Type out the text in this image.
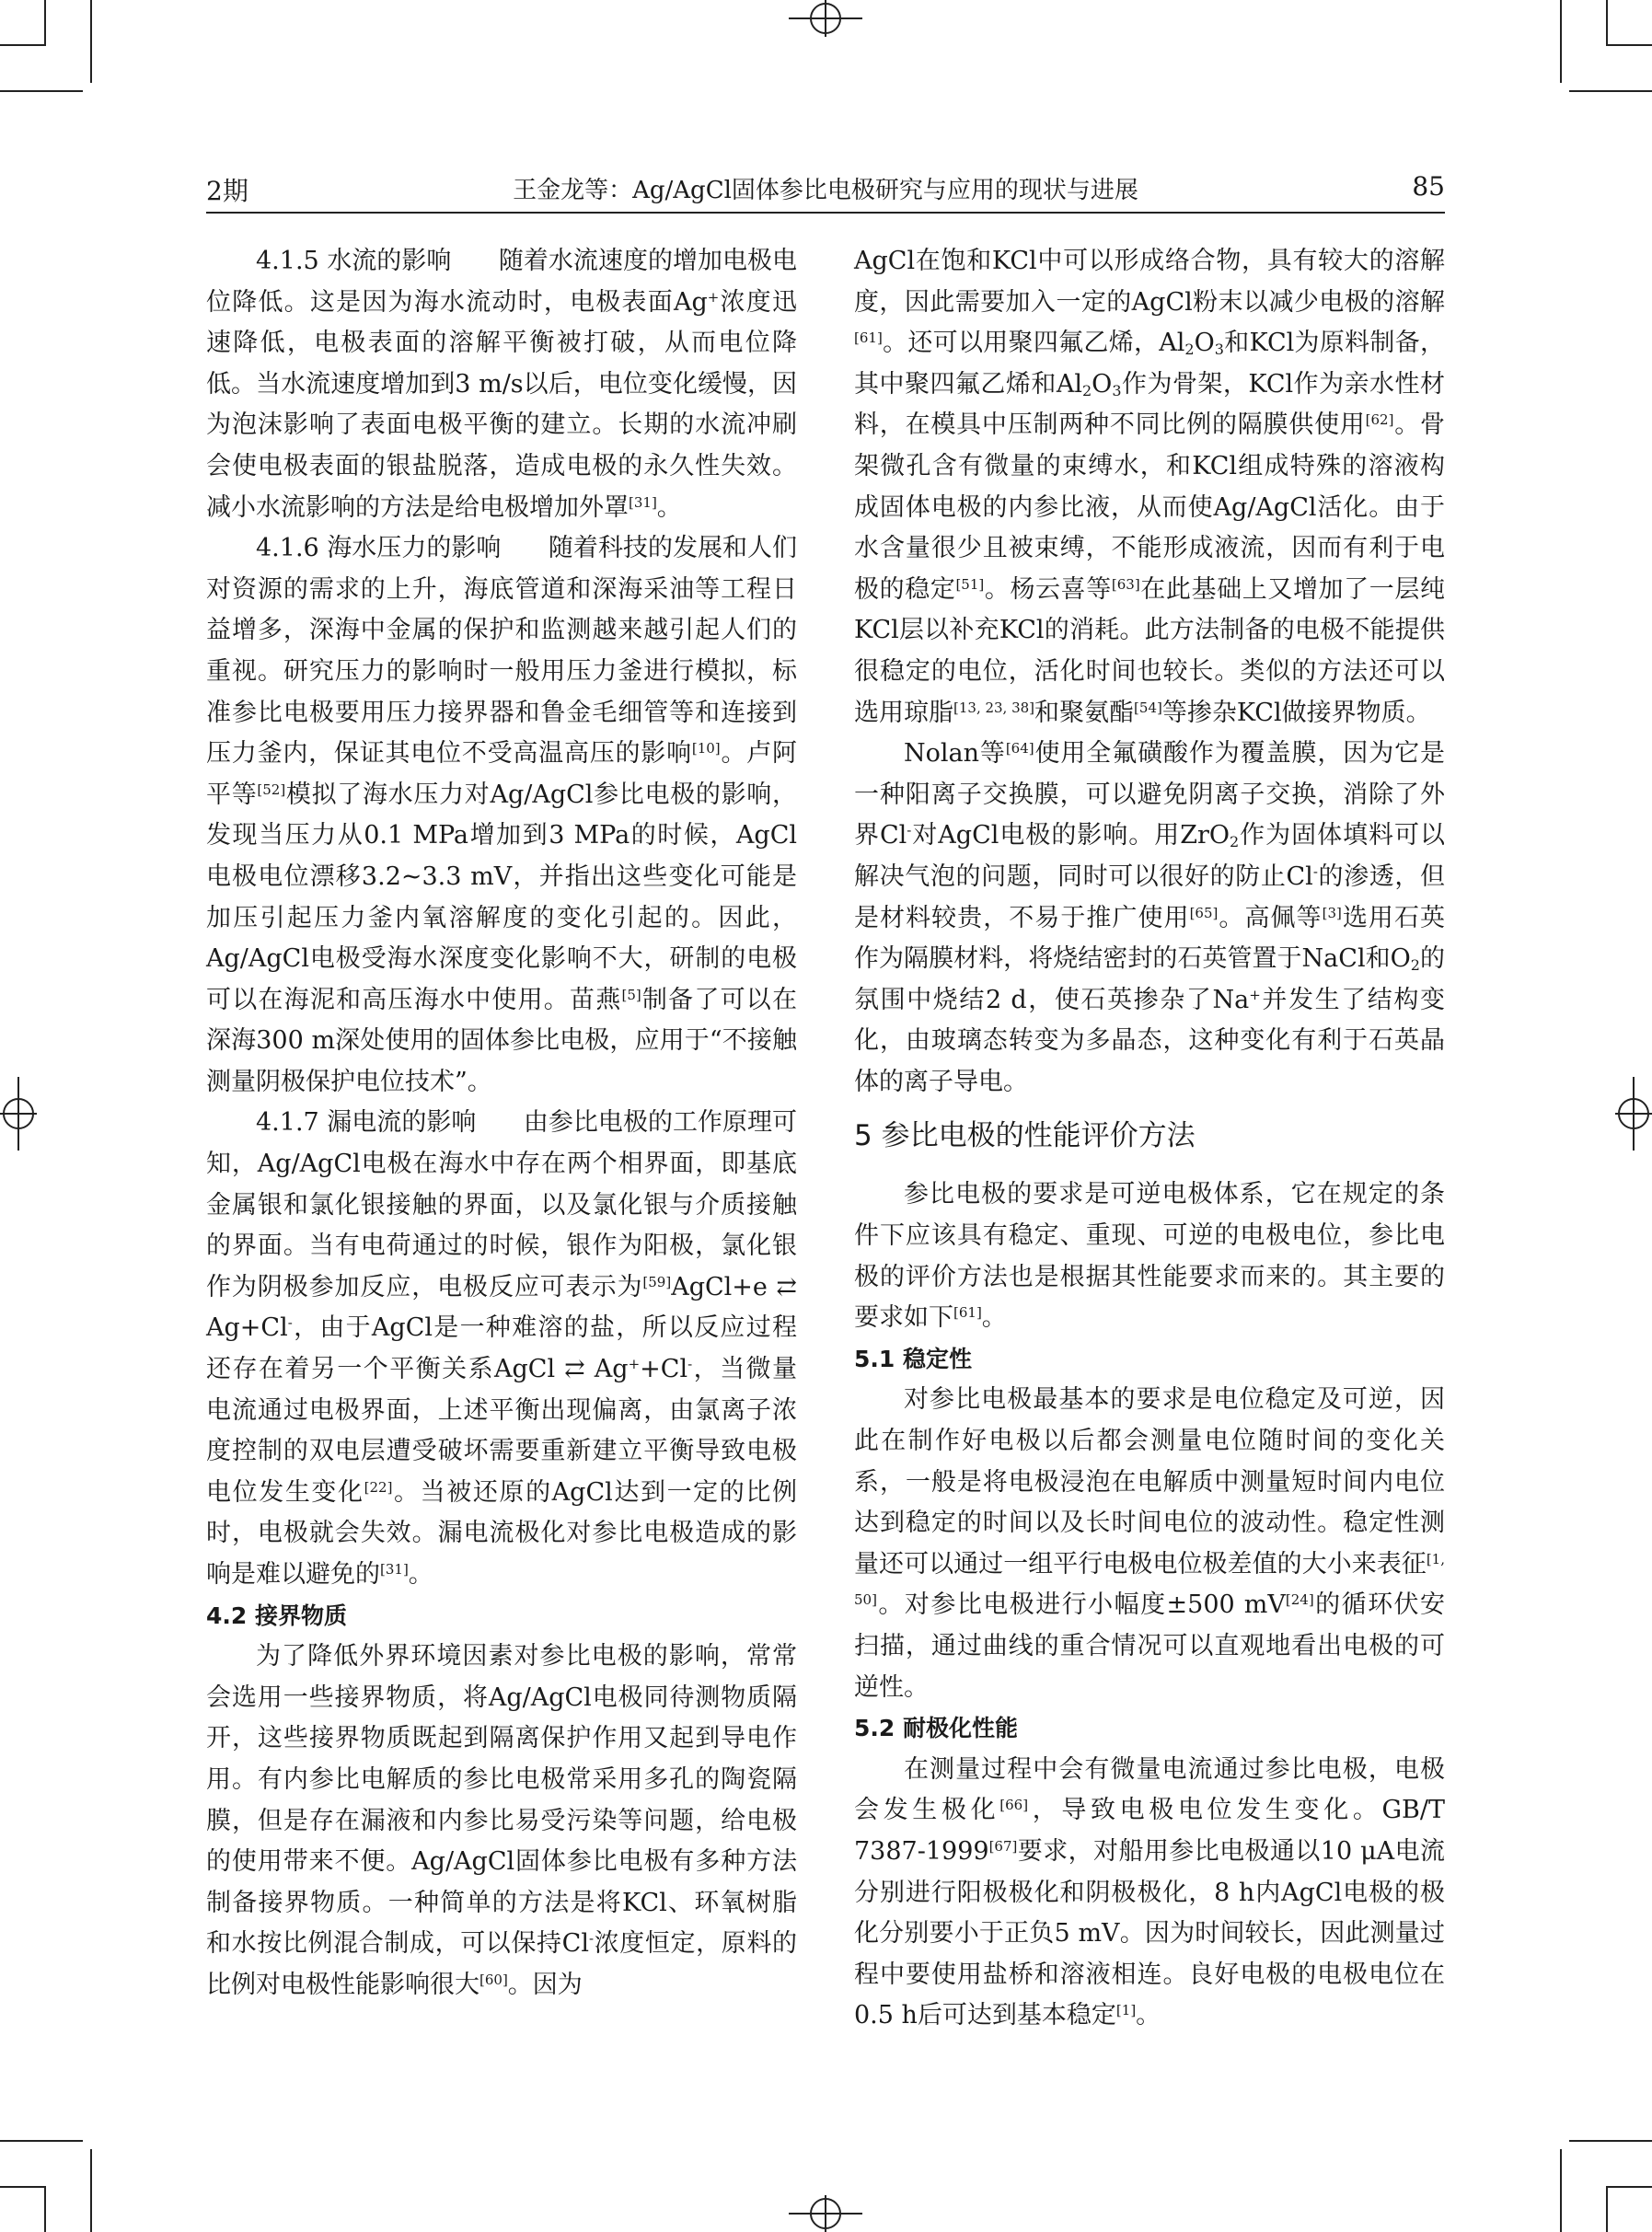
2期	王金龙等：Ag/AgCl固体参比电极研究与应用的现状与进展	85

4.1.5 水流的影响 随着水流速度的增加电极电位降低。这是因为海水流动时，电极表面Ag+浓度迅速降低，电极表面的溶解平衡被打破，从而电位降低。当水流速度增加到3 m/s以后，电位变化缓慢，因为泡沫影响了表面电极平衡的建立。长期的水流冲刷会使电极表面的银盐脱落，造成电极的永久性失效。减小水流影响的方法是给电极增加外罩[31]。

4.1.6 海水压力的影响 随着科技的发展和人们对资源的需求的上升，海底管道和深海采油等工程日益增多，深海中金属的保护和监测越来越引起人们的重视。研究压力的影响时一般用压力釜进行模拟，标准参比电极要用压力接界器和鲁金毛细管等和连接到压力釜内，保证其电位不受高温高压的影响[10]。卢阿平等[52]模拟了海水压力对Ag/AgCl参比电极的影响，发现当压力从0.1 MPa增加到3 MPa的时候，AgCl电极电位漂移3.2~3.3 mV，并指出这些变化可能是加压引起压力釜内氧溶解度的变化引起的。因此，Ag/AgCl电极受海水深度变化影响不大，研制的电极可以在海泥和高压海水中使用。苗燕[5]制备了可以在深海300 m深处使用的固体参比电极，应用于“不接触测量阴极保护电位技术”。

4.1.7 漏电流的影响 由参比电极的工作原理可知，Ag/AgCl电极在海水中存在两个相界面，即基底金属银和氯化银接触的界面，以及氯化银与介质接触的界面。当有电荷通过的时候，银作为阳极，氯化银作为阴极参加反应，电极反应可表示为[59]AgCl+e ⇄ Ag+Cl-，由于AgCl是一种难溶的盐，所以反应过程还存在着另一个平衡关系AgCl ⇄ Ag++Cl-，当微量电流通过电极界面，上述平衡出现偏离，由氯离子浓度控制的双电层遭受破坏需要重新建立平衡导致电极电位发生变化[22]。当被还原的AgCl达到一定的比例时，电极就会失效。漏电流极化对参比电极造成的影响是难以避免的[31]。

4.2 接界物质

为了降低外界环境因素对参比电极的影响，常常会选用一些接界物质，将Ag/AgCl电极同待测物质隔开，这些接界物质既起到隔离保护作用又起到导电作用。有内参比电解质的参比电极常采用多孔的陶瓷隔膜，但是存在漏液和内参比易受污染等问题，给电极的使用带来不便。Ag/AgCl固体参比电极有多种方法制备接界物质。一种简单的方法是将KCl、环氧树脂和水按比例混合制成，可以保持Cl-浓度恒定，原料的比例对电极性能影响很大[60]。因为

AgCl在饱和KCl中可以形成络合物，具有较大的溶解度，因此需要加入一定的AgCl粉末以减少电极的溶解[61]。还可以用聚四氟乙烯，$Al_2O_3$和KCl为原料制备，其中聚四氟乙烯和$Al_2O_3$作为骨架，KCl作为亲水性材料，在模具中压制两种不同比例的隔膜供使用[62]。骨架微孔含有微量的束缚水，和KCl组成特殊的溶液构成固体电极的内参比液，从而使Ag/AgCl活化。由于水含量很少且被束缚，不能形成液流，因而有利于电极的稳定[51]。杨云喜等[63]在此基础上又增加了一层纯KCl层以补充KCl的消耗。此方法制备的电极不能提供很稳定的电位，活化时间也较长。类似的方法还可以选用琼脂[13, 23, 38]和聚氨酯[54]等掺杂KCl做接界物质。

Nolan等[64]使用全氟磺酸作为覆盖膜，因为它是一种阳离子交换膜，可以避免阴离子交换，消除了外界Cl-对AgCl电极的影响。用ZrO$_2$作为固体填料可以解决气泡的问题，同时可以很好的防止Cl-的渗透，但是材料较贵，不易于推广使用[65]。高佩等[3]选用石英作为隔膜材料，将烧结密封的石英管置于NaCl和$O_2$的氛围中烧结2 d，使石英掺杂了Na+并发生了结构变化，由玻璃态转变为多晶态，这种变化有利于石英晶体的离子导电。

5 参比电极的性能评价方法

参比电极的要求是可逆电极体系，它在规定的条件下应该具有稳定、重现、可逆的电极电位，参比电极的评价方法也是根据其性能要求而来的。其主要的要求如下[61]。

5.1 稳定性

对参比电极最基本的要求是电位稳定及可逆，因此在制作好电极以后都会测量电位随时间的变化关系，一般是将电极浸泡在电解质中测量短时间内电位达到稳定的时间以及长时间电位的波动性。稳定性测量还可以通过一组平行电极电位极差值的大小来表征[1, 50]。对参比电极进行小幅度±500 mV[24]的循环伏安扫描，通过曲线的重合情况可以直观地看出电极的可逆性。

5.2 耐极化性能

在测量过程中会有微量电流通过参比电极，电极会发生极化[66]，导致电极电位发生变化。GB/T 7387-1999[67]要求，对船用参比电极通以10 μA电流分别进行阳极极化和阴极极化，8 h内AgCl电极的极化分别要小于正负5 mV。因为时间较长，因此测量过程中要使用盐桥和溶液相连。良好电极的电极电位在0.5 h后可达到基本稳定[1]。
